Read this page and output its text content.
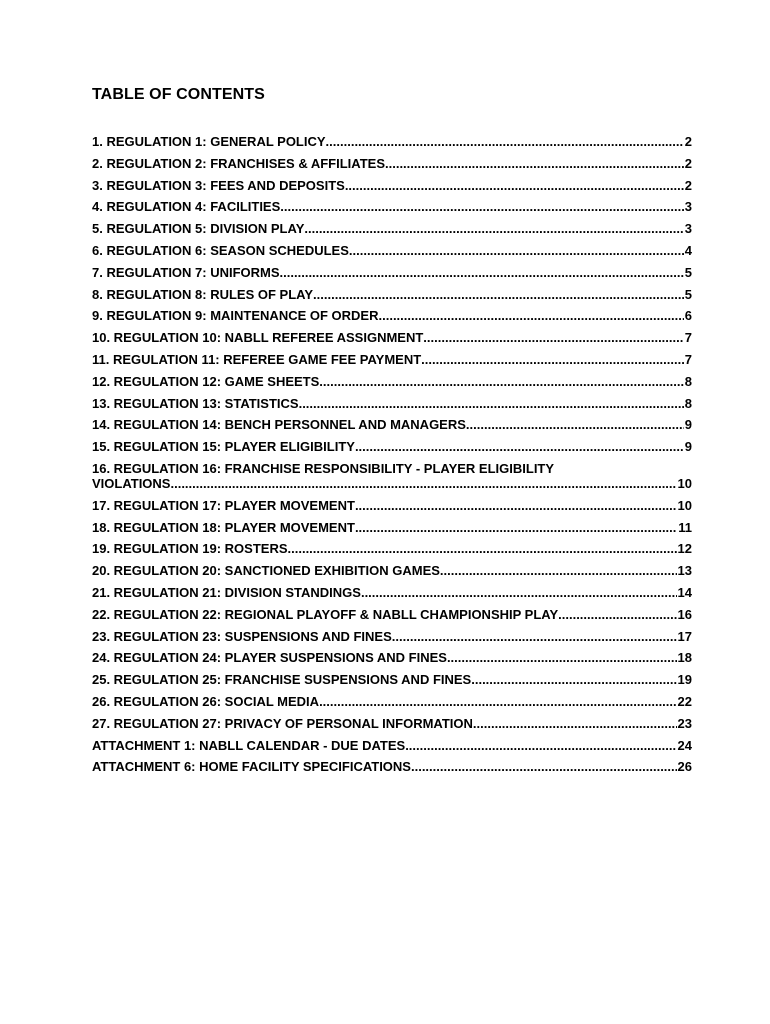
TABLE OF CONTENTS
1. REGULATION 1: GENERAL POLICY .....	2
2. REGULATION 2: FRANCHISES & AFFILIATES .....	2
3. REGULATION 3: FEES AND DEPOSITS .....	2
4. REGULATION 4: FACILITIES .....	3
5. REGULATION 5: DIVISION PLAY .....	3
6. REGULATION 6: SEASON SCHEDULES .....	4
7. REGULATION 7: UNIFORMS .....	5
8. REGULATION 8: RULES OF PLAY .....	5
9. REGULATION 9: MAINTENANCE OF ORDER .....	6
10. REGULATION 10: NABLL REFEREE ASSIGNMENT .....	7
11. REGULATION 11: REFEREE GAME FEE PAYMENT .....	7
12. REGULATION 12: GAME SHEETS .....	8
13. REGULATION 13: STATISTICS .....	8
14. REGULATION 14: BENCH PERSONNEL AND MANAGERS .....	9
15. REGULATION 15: PLAYER ELIGIBILITY .....	9
16. REGULATION 16: FRANCHISE RESPONSIBILITY - PLAYER ELIGIBILITY
VIOLATIONS .....	10
17. REGULATION 17: PLAYER MOVEMENT .....	10
18. REGULATION 18: PLAYER MOVEMENT .....	11
19. REGULATION 19: ROSTERS .....	12
20. REGULATION 20: SANCTIONED EXHIBITION GAMES .....	13
21. REGULATION 21: DIVISION STANDINGS .....	14
22. REGULATION 22: REGIONAL PLAYOFF & NABLL CHAMPIONSHIP PLAY .....	16
23. REGULATION 23: SUSPENSIONS AND FINES .....	17
24. REGULATION 24: PLAYER SUSPENSIONS AND FINES .....	18
25. REGULATION 25: FRANCHISE SUSPENSIONS AND FINES .....	19
26. REGULATION 26: SOCIAL MEDIA .....	22
27. REGULATION 27: PRIVACY OF PERSONAL INFORMATION .....	23
ATTACHMENT 1: NABLL CALENDAR - DUE DATES .....	24
ATTACHMENT 6: HOME FACILITY SPECIFICATIONS .....	26
